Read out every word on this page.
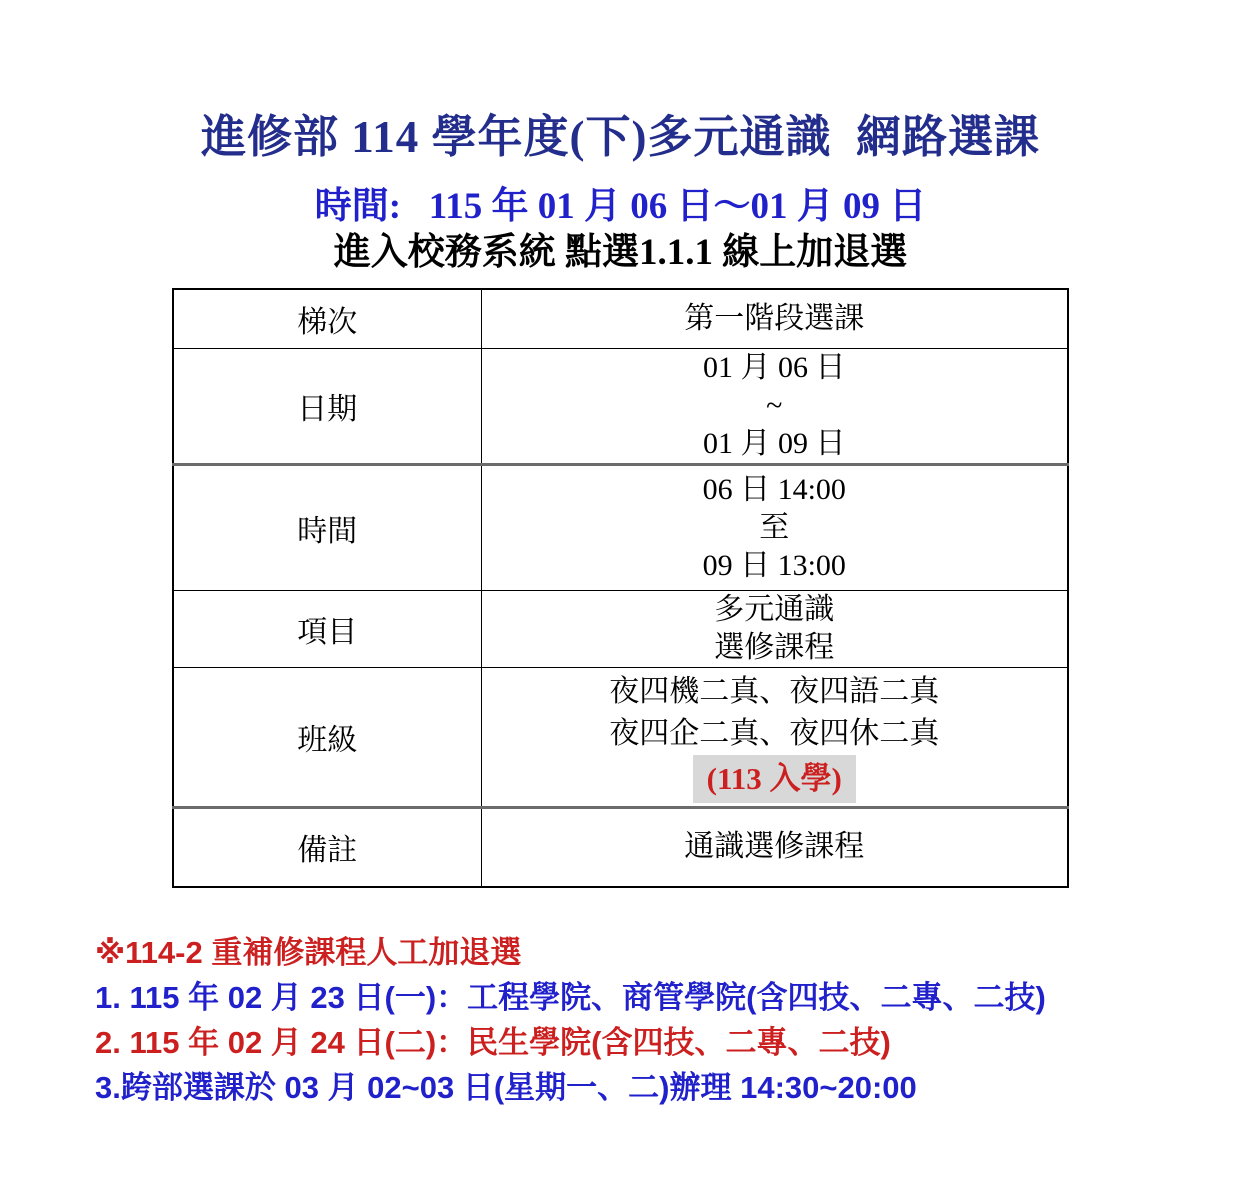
進修部 114 學年度(下)多元通識  網路選課
時間:   115 年 01 月 06 日～01 月 09 日
進入校務系統 點選1.1.1 線上加退選
梯次	第一階段選課

日期	01 月 06 日
~
01 月 09 日

時間	06 日 14:00
至
09 日 13:00

項目	多元通識
選修課程

班級	夜四機二真、夜四語二真
夜四企二真、夜四休二真
(113 入學)

備註	通識選修課程
※114-2 重補修課程人工加退選
1. 115 年 02 月 23 日(一)：工程學院、商管學院(含四技、二專、二技)
2. 115 年 02 月 24 日(二)：民生學院(含四技、二專、二技)
3.跨部選課於 03 月 02~03 日(星期一、二)辦理 14:30~20:00
